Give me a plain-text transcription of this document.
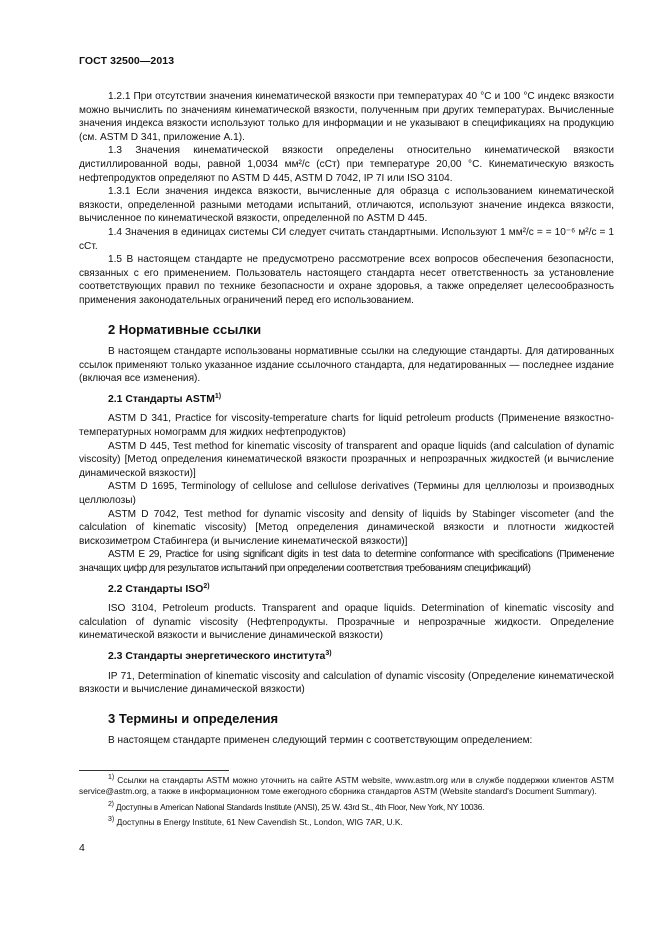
ГОСТ 32500—2013

1.2.1 При отсутствии значения кинематической вязкости при температурах 40 °С и 100 °С индекс вязкости можно вычислить по значениям кинематической вязкости, полученным при других температурах. Вычисленные значения индекса вязкости используют только для информации и не указывают в спецификациях на продукцию (см. ASTM D 341, приложение А.1).

1.3 Значения кинематической вязкости определены относительно кинематической вязкости дистиллированной воды, равной 1,0034 мм²/с (сСт) при температуре 20,00 °С. Кинематическую вязкость нефтепродуктов определяют по ASTM D 445, ASTM D 7042, IP 7I или ISO 3104.

1.3.1 Если значения индекса вязкости, вычисленные для образца с использованием кинематической вязкости, определенной разными методами испытаний, отличаются, используют значение индекса вязкости, вычисленное по кинематической вязкости, определенной по ASTM D 445.

1.4 Значения в единицах системы СИ следует считать стандартными. Используют 1 мм²/с = = 10⁻⁶ м²/с = 1 сСт.

1.5 В настоящем стандарте не предусмотрено рассмотрение всех вопросов обеспечения безопасности, связанных с его применением. Пользователь настоящего стандарта несет ответственность за установление соответствующих правил по технике безопасности и охране здоровья, а также определяет целесообразность применения законодательных ограничений перед его использованием.

2 Нормативные ссылки

В настоящем стандарте использованы нормативные ссылки на следующие стандарты. Для датированных ссылок применяют только указанное издание ссылочного стандарта, для недатированных — последнее издание (включая все изменения).

2.1 Стандарты ASTM$^{1)}$

ASTM D 341, Practice for viscosity-temperature charts for liquid petroleum products (Применение вязкостно-температурных номограмм для жидких нефтепродуктов)

ASTM D 445, Test method for kinematic viscosity of transparent and opaque liquids (and calculation of dynamic viscosity) [Метод определения кинематической вязкости прозрачных и непрозрачных жидкостей (и вычисление динамической вязкости)]

ASTM D 1695, Terminology of cellulose and cellulose derivatives (Термины для целлюлозы и производных целлюлозы)

ASTM D 7042, Test method for dynamic viscosity and density of liquids by Stabinger viscometer (and the calculation of kinematic viscosity) [Метод определения динамической вязкости и плотности жидкостей вискозиметром Стабингера (и вычисление кинематической вязкости)]

ASTM E 29, Practice for using significant digits in test data to determine conformance with specifications (Применение значащих цифр для результатов испытаний при определении соответствия требованиям спецификаций)

2.2 Стандарты ISO$^{2)}$

ISO 3104, Petroleum products. Transparent and opaque liquids. Determination of kinematic viscosity and calculation of dynamic viscosity (Нефтепродукты. Прозрачные и непрозрачные жидкости. Определение кинематической вязкости и вычисление динамической вязкости)

2.3 Стандарты энергетического института$^{3)}$

IP 71, Determination of kinematic viscosity and calculation of dynamic viscosity (Определение кинематической вязкости и вычисление динамической вязкости)

3 Термины и определения

В настоящем стандарте применен следующий термин с соответствующим определением:

$^{1)}$ Ссылки на стандарты ASTM можно уточнить на сайте ASTM website, www.astm.org или в службе поддержки клиентов ASTM service@astm.org, а также в информационном томе ежегодного сборника стандартов ASTM (Website standard's Document Summary).

$^{2)}$ Доступны в American National Standards Institute (ANSI), 25 W. 43rd St., 4th Floor, New York, NY 10036.

$^{3)}$ Доступны в Energy Institute, 61 New Cavendish St., London, WIG 7AR, U.K.

4
